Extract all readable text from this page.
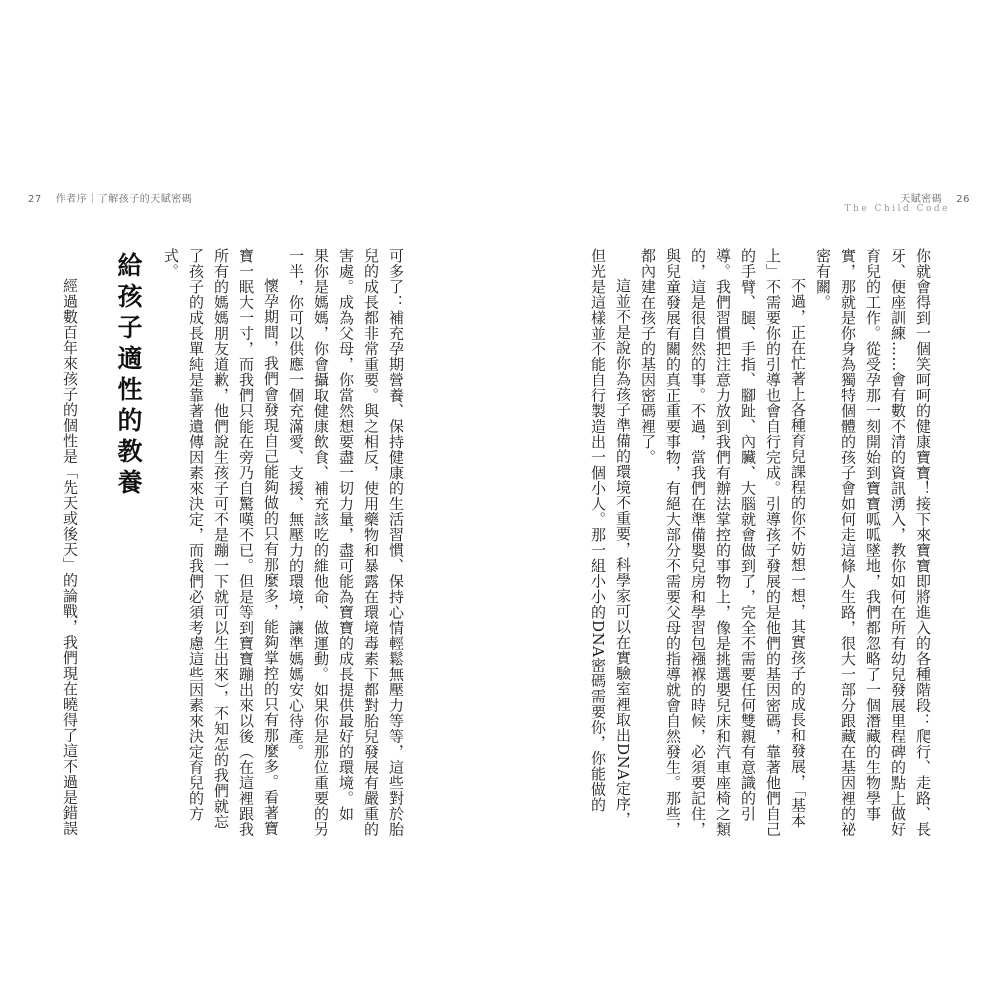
27 作者序｜了解孩子的天賦密碼	天賦密碼 26
The Child Code
你就會得到一個笑呵呵的健康寶寶！接下來寶寶即將進入的各種階段：爬行、走路、長
牙、便座訓練……會有數不清的資訊湧入，教你如何在所有幼兒發展里程碑的點上做好
育兒的工作。從受孕那一刻開始到寶寶呱呱墜地，我們都忽略了一個潛藏的生物學事
實，那就是你身為獨特個體的孩子會如何走這條人生路，很大一部分跟藏在基因裡的祕
密有關。
不過，正在忙著上各種育兒課程的你不妨想一想，其實孩子的成長和發展，「基本
上」不需要你的引導也會自行完成。引導孩子發展的是他們的基因密碼，靠著他們自己
的手臂、腿、手指、腳趾、內臟、大腦就會做到了，完全不需要任何雙親有意識的引
導。我們習慣把注意力放到我們有辦法掌控的事物上，像是挑選嬰兒床和汽車座椅之類
的，這是很自然的事。不過，當我們在準備嬰兒房和學習包襁褓的時候，必須要記住，
與兒童發展有關的真正重要事物，有絕大部分不需要父母的指導就會自然發生。那些，
都內建在孩子的基因密碼裡了。
這並不是說你為孩子準備的環境不重要，科學家可以在實驗室裡取出DNA定序，
但光是這樣並不能自行製造出一個小人。那一組小小的DNA密碼需要你，你能做的
可多了：補充孕期營養、保持健康的生活習慣、保持心情輕鬆無壓力等等，這些對於胎
兒的成長都非常重要。與之相反，使用藥物和暴露在環境毒素下都對胎兒發展有嚴重的
害處。成為父母，你當然想要盡一切力量，盡可能為寶寶的成長提供最好的環境。如
果你是媽媽，你會攝取健康飲食、補充該吃的維他命、做運動。如果你是那位重要的另
一半，你可以供應一個充滿愛、支援、無壓力的環境，讓準媽媽安心待產。
懷孕期間，我們會發現自己能夠做的只有那麼多，能夠掌控的只有那麼多。看著寶
寶一眠大一寸，而我們只能在旁乃自驚嘆不已。但是等到寶寶蹦出來以後（在這裡跟我
所有的媽媽朋友道歉，他們說生孩子可不是蹦一下就可以生出來），不知怎的我們就忘
了孩子的成長單純是靠著遺傳因素來決定，而我們必須考慮這些因素來決定育兒的方
式。
給孩子適性的教養
經過數百年來孩子的個性是「先天或後天」的論戰，我們現在曉得了這不過是錯誤
